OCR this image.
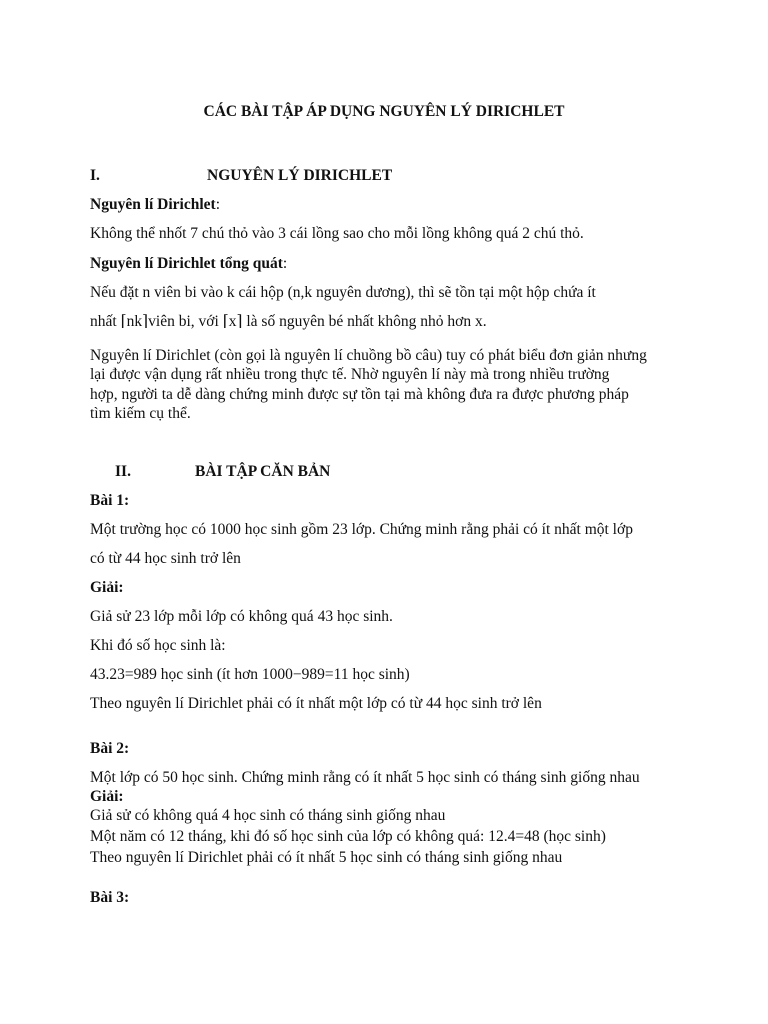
CÁC BÀI TẬP ÁP DỤNG NGUYÊN LÝ DIRICHLET
I.	NGUYÊN LÝ DIRICHLET
Nguyên lí Dirichlet:
Không thể nhốt 7 chú thỏ vào 3 cái lồng sao cho mỗi lồng không quá 2 chú thỏ.
Nguyên lí Dirichlet tổng quát:
Nếu đặt n viên bi vào k cái hộp (n,k nguyên dương), thì sẽ tồn tại một hộp chứa ít
nhất ⌈nk⌉viên bi, với ⌈x⌉ là số nguyên bé nhất không nhỏ hơn x.
Nguyên lí Dirichlet (còn gọi là nguyên lí chuồng bồ câu) tuy có phát biểu đơn giản nhưng
lại được vận dụng rất nhiều trong thực tế. Nhờ nguyên lí này mà trong nhiều trường
hợp, người ta dễ dàng chứng minh được sự tồn tại mà không đưa ra được phương pháp
tìm kiếm cụ thể.
II.	BÀI TẬP CĂN BẢN
Bài 1:
Một trường học có 1000 học sinh gồm 23 lớp. Chứng minh rằng phải có ít nhất một lớp
có từ 44 học sinh trở lên
Giải:
Giả sử 23 lớp mỗi lớp có không quá 43 học sinh.
Khi đó số học sinh là:
43.23=989 học sinh (ít hơn 1000−989=11 học sinh)
Theo nguyên lí Dirichlet phải có ít nhất một lớp có từ 44 học sinh trở lên
Bài 2:
Một lớp có 50 học sinh. Chứng minh rằng có ít nhất 5 học sinh có tháng sinh giống nhau
Giải:
Giả sử có không quá 4 học sinh có tháng sinh giống nhau
Một năm có 12 tháng, khi đó số học sinh của lớp có không quá: 12.4=48 (học sinh)
Theo nguyên lí Dirichlet phải có ít nhất 5 học sinh có tháng sinh giống nhau
Bài 3:
